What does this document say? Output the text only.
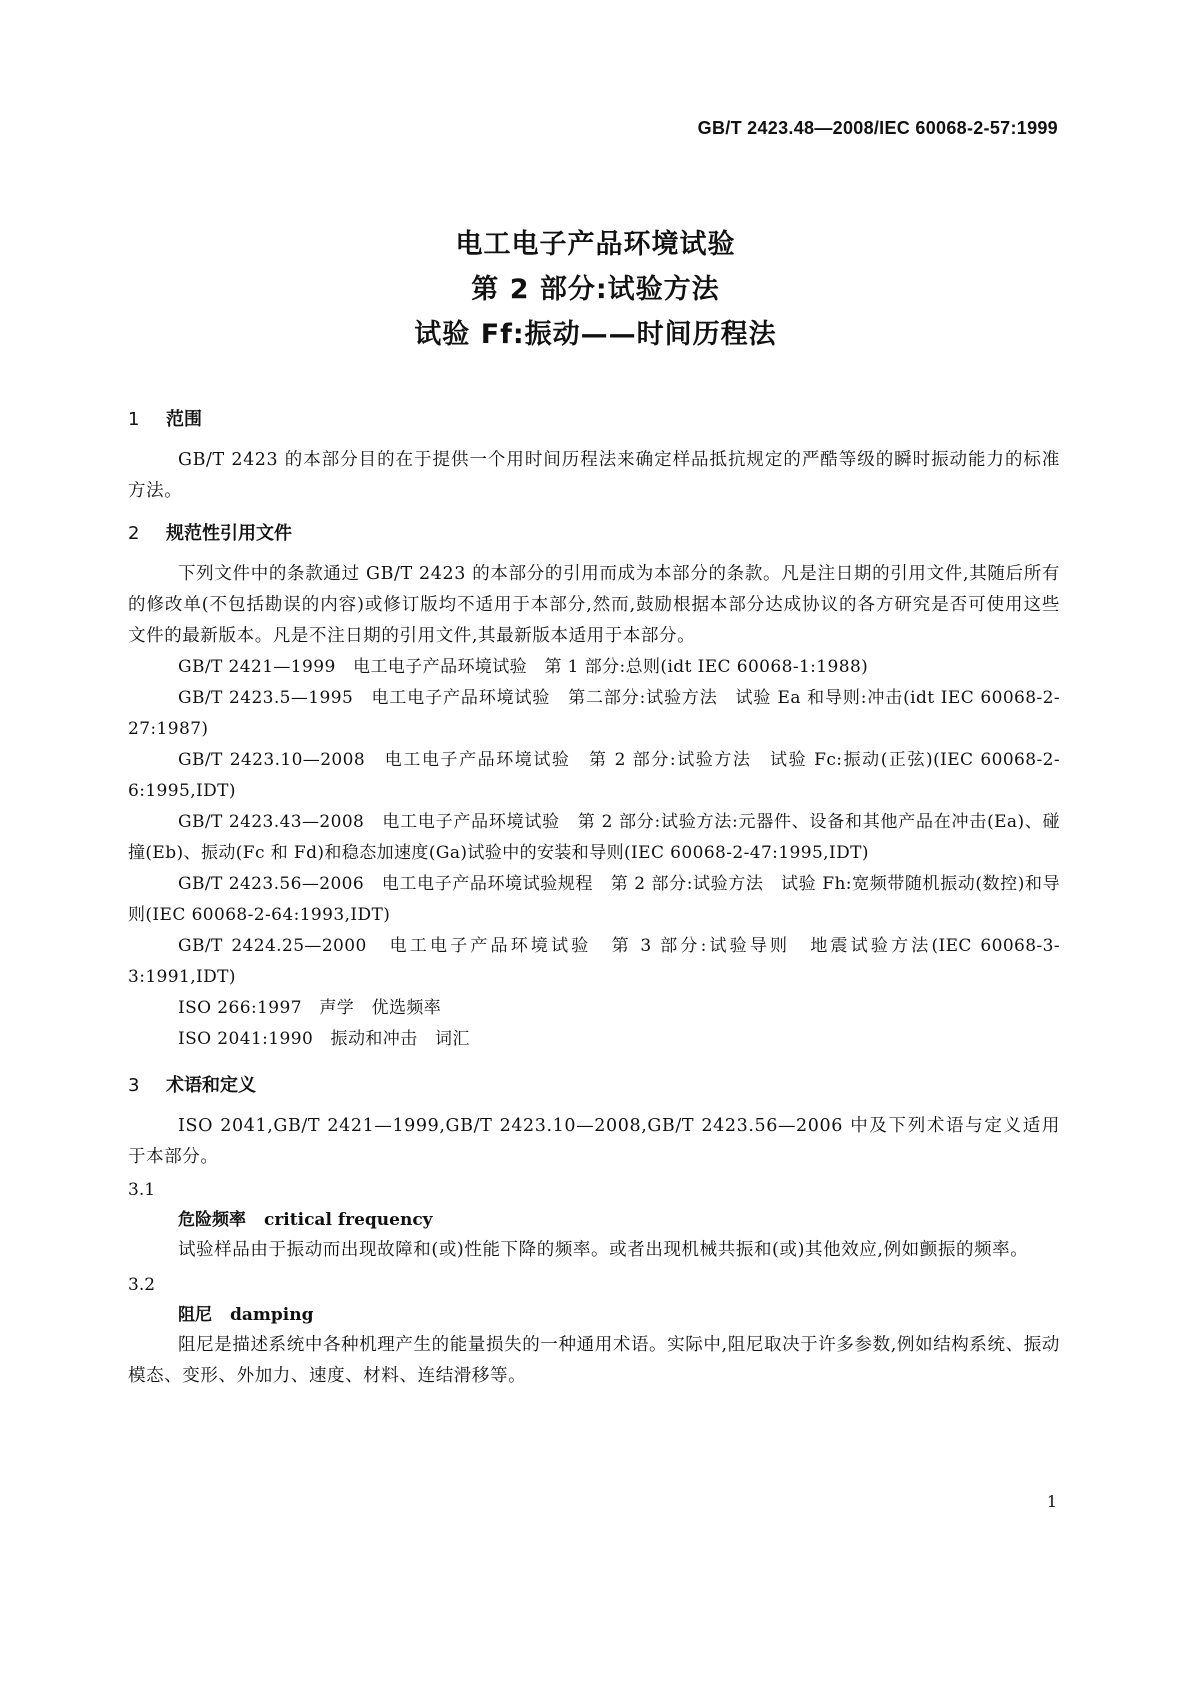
GB/T 2423.48—2008/IEC 60068-2-57:1999
电工电子产品环境试验
第 2 部分:试验方法
试验 Ff:振动——时间历程法
1 范围

GB/T 2423 的本部分目的在于提供一个用时间历程法来确定样品抵抗规定的严酷等级的瞬时振动能力的标准方法。

2 规范性引用文件

下列文件中的条款通过 GB/T 2423 的本部分的引用而成为本部分的条款。凡是注日期的引用文件,其随后所有的修改单(不包括勘误的内容)或修订版均不适用于本部分,然而,鼓励根据本部分达成协议的各方研究是否可使用这些文件的最新版本。凡是不注日期的引用文件,其最新版本适用于本部分。

GB/T 2421—1999　电工电子产品环境试验　第 1 部分:总则(idt IEC 60068-1:1988)

GB/T 2423.5—1995　电工电子产品环境试验　第二部分:试验方法　试验 Ea 和导则:冲击(idt IEC 60068-2-27:1987)

GB/T 2423.10—2008　电工电子产品环境试验　第 2 部分:试验方法　试验 Fc:振动(正弦)(IEC 60068-2-6:1995,IDT)

GB/T 2423.43—2008　电工电子产品环境试验　第 2 部分:试验方法:元器件、设备和其他产品在冲击(Ea)、碰撞(Eb)、振动(Fc 和 Fd)和稳态加速度(Ga)试验中的安装和导则(IEC 60068-2-47:1995,IDT)

GB/T 2423.56—2006　电工电子产品环境试验规程　第 2 部分:试验方法　试验 Fh:宽频带随机振动(数控)和导则(IEC 60068-2-64:1993,IDT)

GB/T 2424.25—2000　电工电子产品环境试验　第 3 部分:试验导则　地震试验方法(IEC 60068-3-3:1991,IDT)

ISO 266:1997　声学　优选频率

ISO 2041:1990　振动和冲击　词汇

3 术语和定义

ISO 2041,GB/T 2421—1999,GB/T 2423.10—2008,GB/T 2423.56—2006 中及下列术语与定义适用于本部分。

3.1
危险频率 critical frequency

试验样品由于振动而出现故障和(或)性能下降的频率。或者出现机械共振和(或)其他效应,例如颤振的频率。

3.2
阻尼 damping

阻尼是描述系统中各种机理产生的能量损失的一种通用术语。实际中,阻尼取决于许多参数,例如结构系统、振动模态、变形、外加力、速度、材料、连结滑移等。

1
